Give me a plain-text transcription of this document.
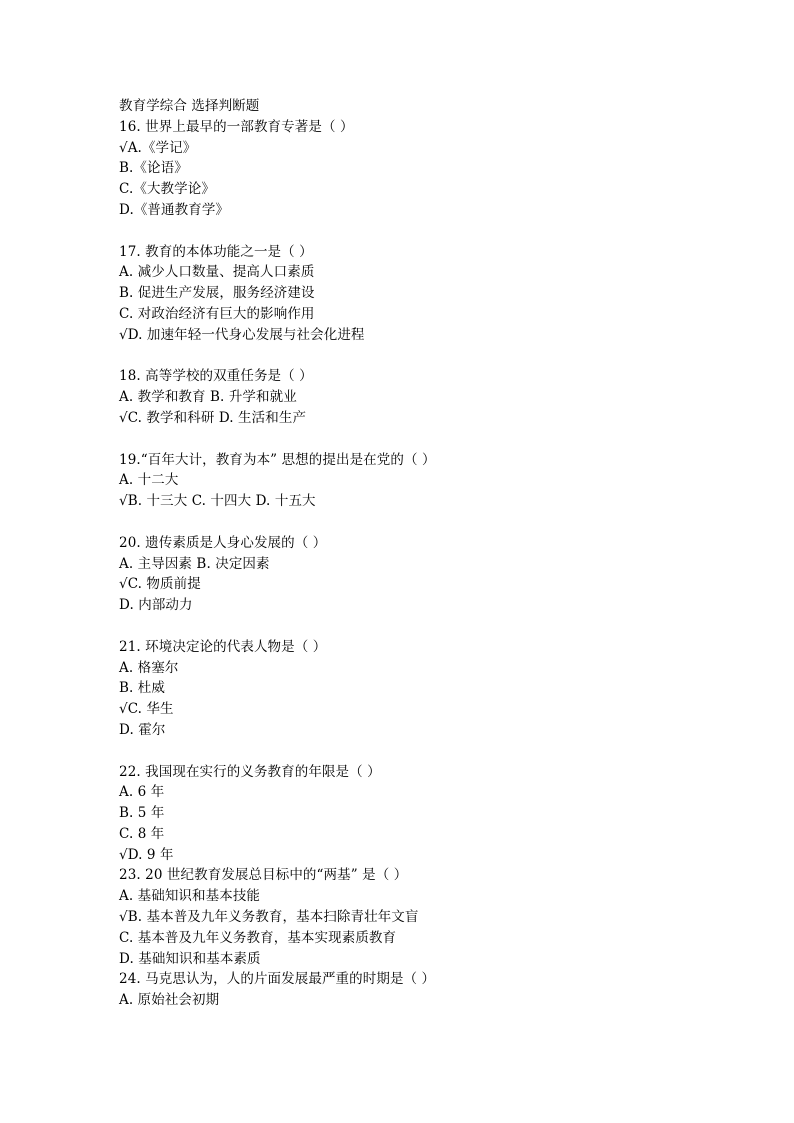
教育学综合 选择判断题
16. 世界上最早的一部教育专著是（ ）
√A.《学记》
B.《论语》
C.《大教学论》
D.《普通教育学》
17. 教育的本体功能之一是（ ）
A. 减少人口数量、提高人口素质
B. 促进生产发展，服务经济建设
C. 对政治经济有巨大的影响作用
√D. 加速年轻一代身心发展与社会化进程
18. 高等学校的双重任务是（ ）
A. 教学和教育 B. 升学和就业
√C. 教学和科研 D. 生活和生产
19.“百年大计，教育为本” 思想的提出是在党的（ ）
A. 十二大
√B. 十三大 C. 十四大 D. 十五大
20. 遗传素质是人身心发展的（ ）
A. 主导因素 B. 决定因素
√C. 物质前提
D. 内部动力
21. 环境决定论的代表人物是（ ）
A. 格塞尔
B. 杜威
√C. 华生
D. 霍尔
22. 我国现在实行的义务教育的年限是（ ）
A. 6 年
B. 5 年
C. 8 年
√D. 9 年
23. 20 世纪教育发展总目标中的“两基” 是（ ）
A. 基础知识和基本技能
√B. 基本普及九年义务教育，基本扫除青壮年文盲
C. 基本普及九年义务教育，基本实现素质教育
D. 基础知识和基本素质
24. 马克思认为，人的片面发展最严重的时期是（ ）
A. 原始社会初期
